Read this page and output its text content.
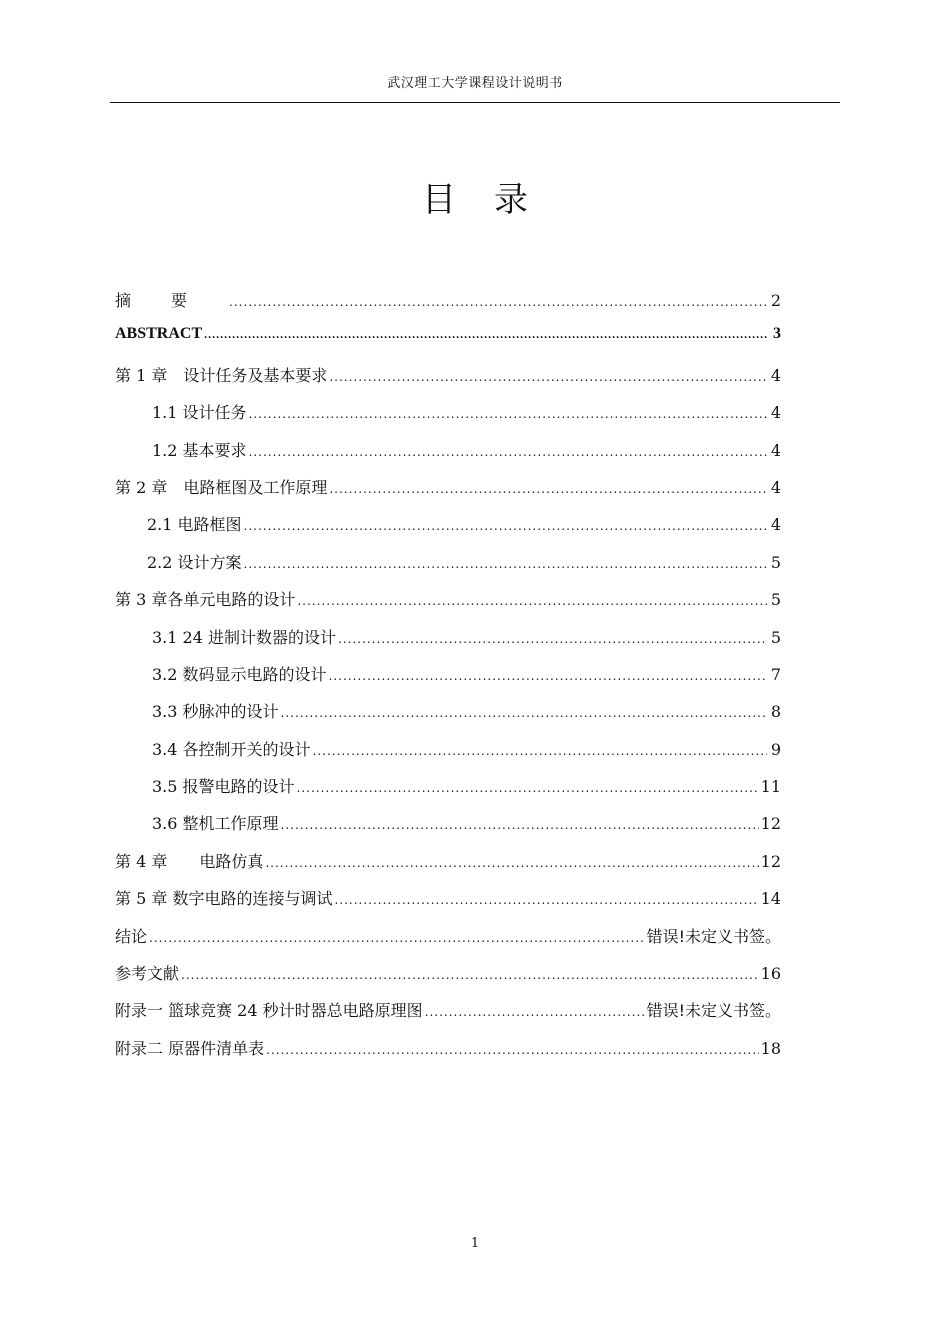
武汉理工大学课程设计说明书
目录
摘要 .....	2
ABSTRACT .....	3
第 1 章　设计任务及基本要求 .....	4
1.1 设计任务 .....	4
1.2 基本要求 .....	4
第 2 章　电路框图及工作原理 .....	4
2.1 电路框图 .....	4
2.2 设计方案 .....	5
第 3 章各单元电路的设计 .....	5
3.1 24 进制计数器的设计 .....	5
3.2 数码显示电路的设计 .....	7
3.3 秒脉冲的设计 .....	8
3.4 各控制开关的设计 .....	9
3.5 报警电路的设计 .....	11
3.6 整机工作原理 .....	12
第 4 章　　电路仿真 .....	12
第 5 章 数字电路的连接与调试 .....	14
结论 .....	错误!未定义书签。
参考文献 .....	16
附录一 篮球竞赛 24 秒计时器总电路原理图 .....	错误!未定义书签。
附录二 原器件清单表 .....	18
1
